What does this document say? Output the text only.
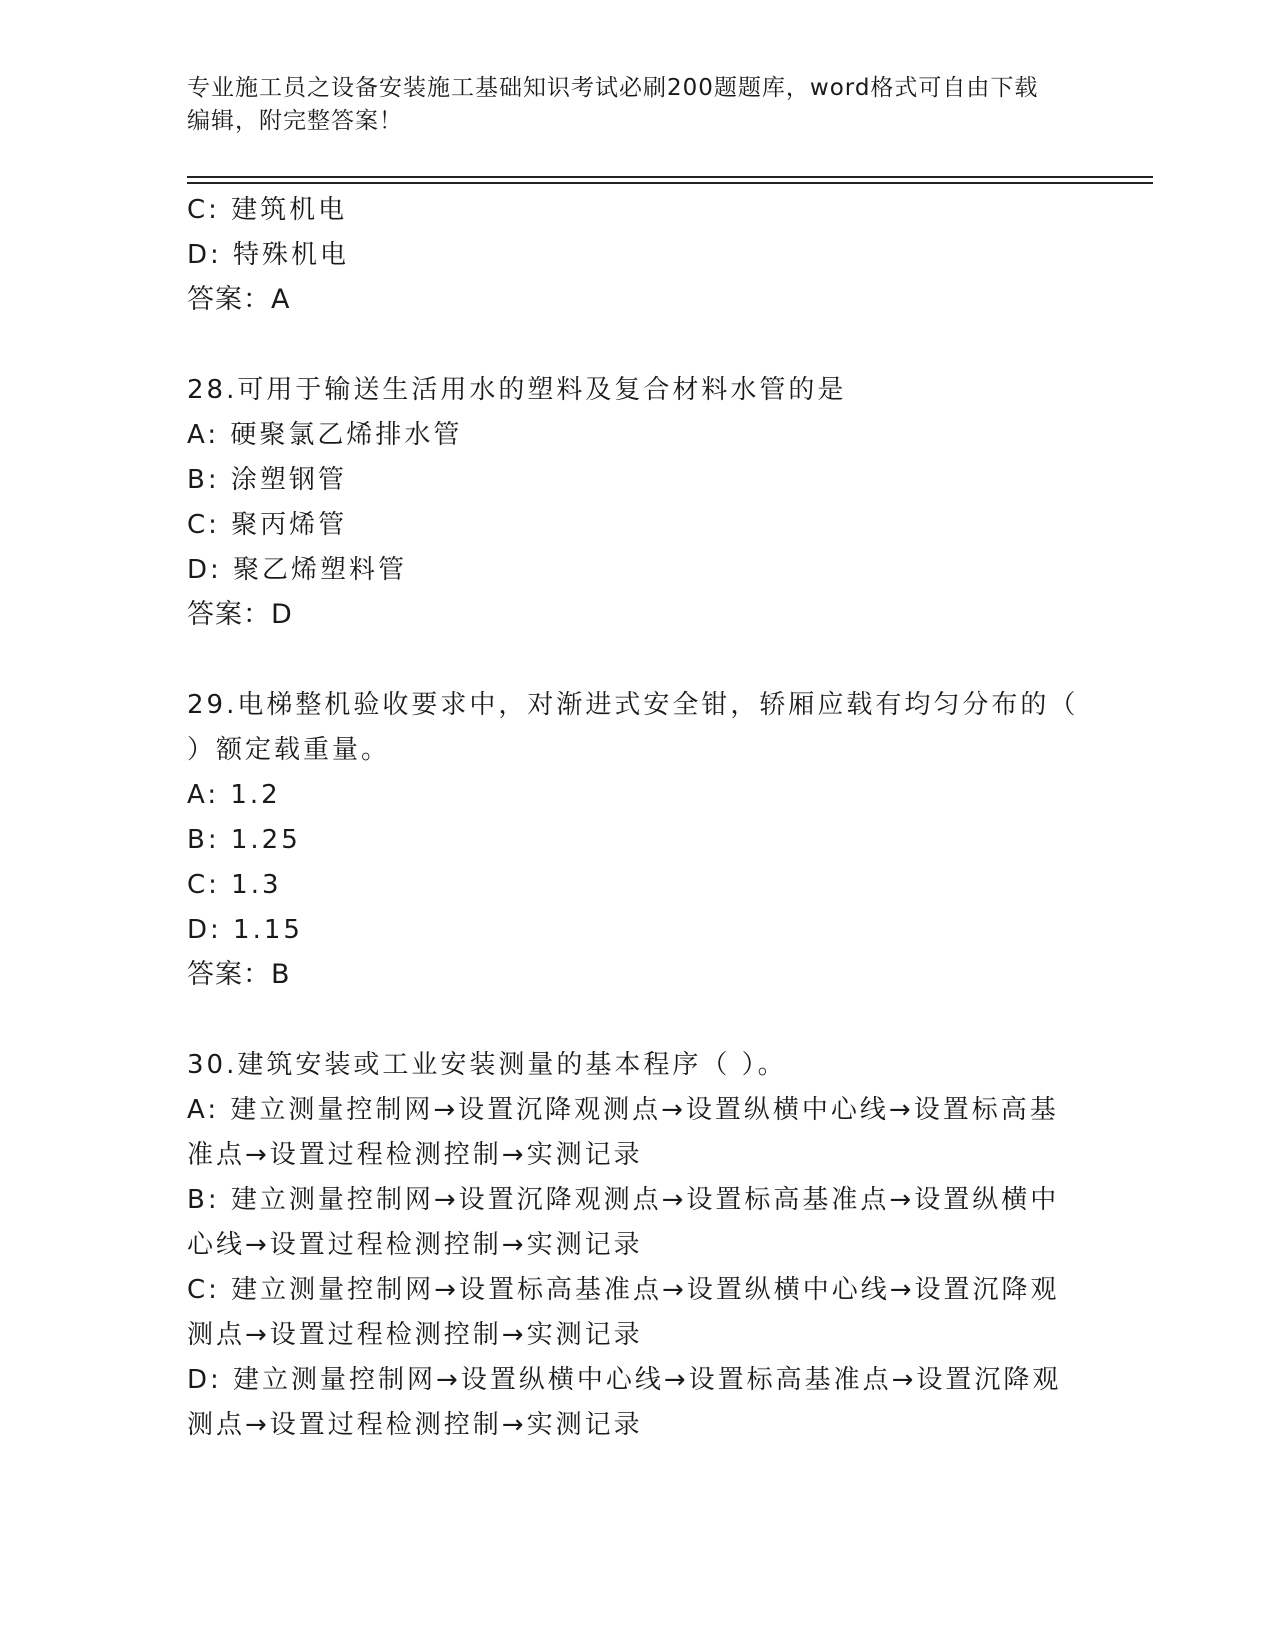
专业施工员之设备安装施工基础知识考试必刷200题题库，word格式可自由下载
编辑，附完整答案！
C: 建筑机电
D: 特殊机电
答案：A
28.可用于输送生活用水的塑料及复合材料水管的是
A: 硬聚氯乙烯排水管
B: 涂塑钢管
C: 聚丙烯管
D: 聚乙烯塑料管
答案：D
29.电梯整机验收要求中，对渐进式安全钳，轿厢应载有均匀分布的（
）额定载重量。
A: 1.2
B: 1.25
C: 1.3
D: 1.15
答案：B
30.建筑安装或工业安装测量的基本程序（ ）。
A: 建立测量控制网→设置沉降观测点→设置纵横中心线→设置标高基
准点→设置过程检测控制→实测记录
B: 建立测量控制网→设置沉降观测点→设置标高基准点→设置纵横中
心线→设置过程检测控制→实测记录
C: 建立测量控制网→设置标高基准点→设置纵横中心线→设置沉降观
测点→设置过程检测控制→实测记录
D: 建立测量控制网→设置纵横中心线→设置标高基准点→设置沉降观
测点→设置过程检测控制→实测记录
